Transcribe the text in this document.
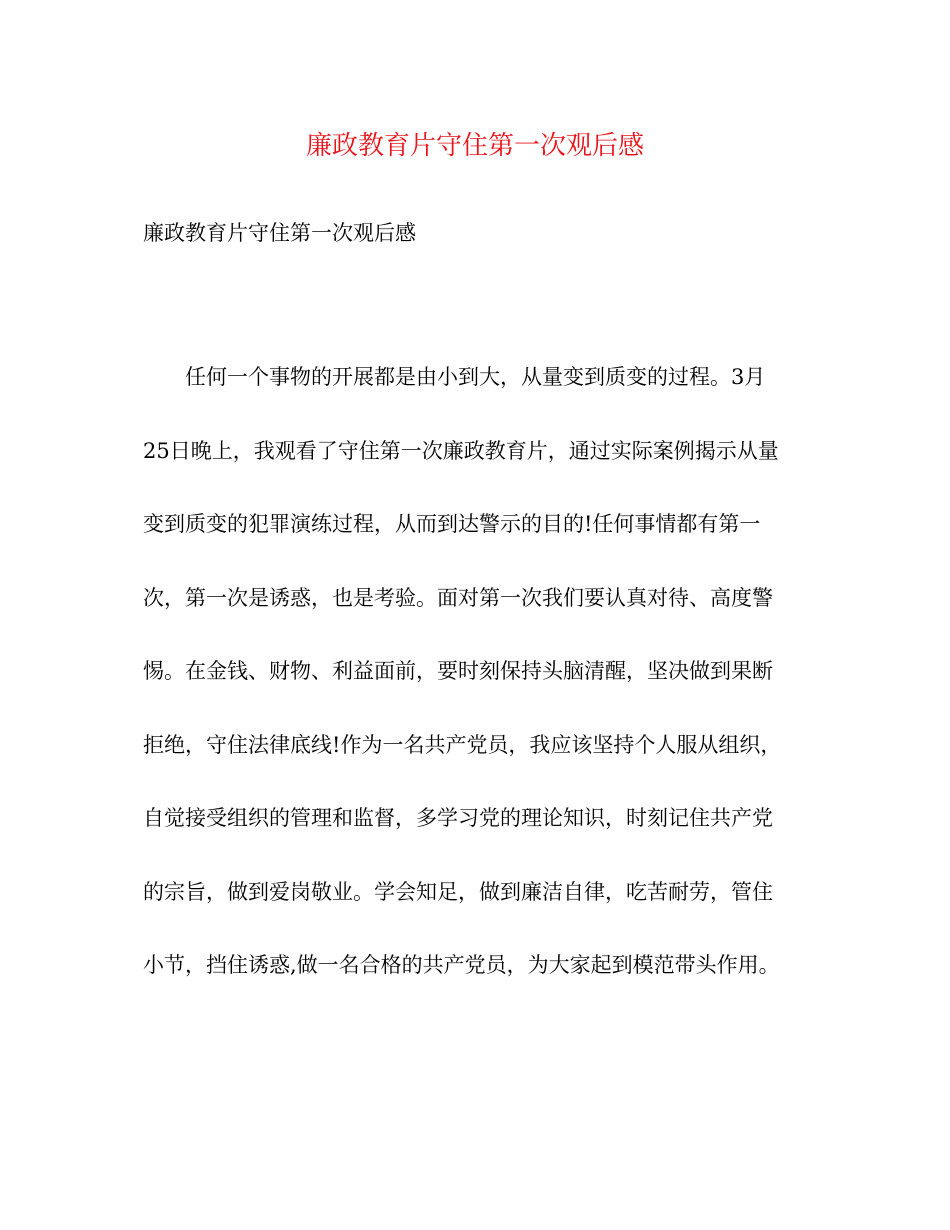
廉政教育片守住第一次观后感

廉政教育片守住第一次观后感

任何一个事物的开展都是由小到大，从量变到质变的过程。3月
25日晚上，我观看了守住第一次廉政教育片，通过实际案例揭示从量
变到质变的犯罪演练过程，从而到达警示的目的!任何事情都有第一
次，第一次是诱惑，也是考验。面对第一次我们要认真对待、高度警
惕。在金钱、财物、利益面前，要时刻保持头脑清醒，坚决做到果断
拒绝，守住法律底线!作为一名共产党员，我应该坚持个人服从组织，
自觉接受组织的管理和监督，多学习党的理论知识，时刻记住共产党
的宗旨，做到爱岗敬业。学会知足，做到廉洁自律，吃苦耐劳，管住
小节，挡住诱惑,做一名合格的共产党员，为大家起到模范带头作用。
